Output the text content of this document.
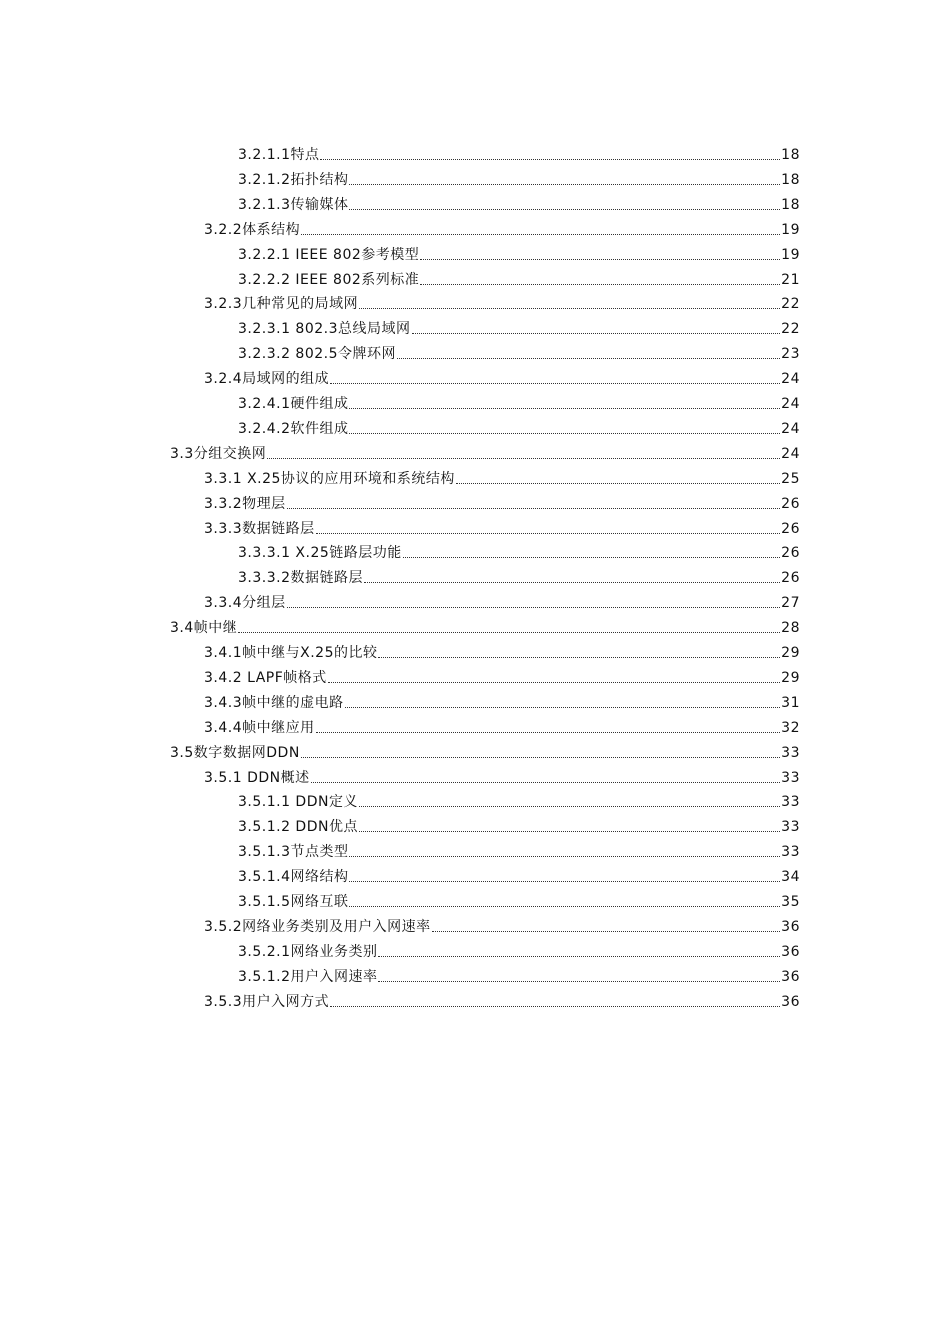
3.2.1.1特点	18
3.2.1.2拓扑结构	18
3.2.1.3传输媒体	18
3.2.2体系结构	19
3.2.2.1 IEEE 802参考模型	19
3.2.2.2 IEEE 802系列标准	21
3.2.3几种常见的局域网	22
3.2.3.1 802.3总线局域网	22
3.2.3.2 802.5令牌环网	23
3.2.4局域网的组成	24
3.2.4.1硬件组成	24
3.2.4.2软件组成	24
3.3分组交换网	24
3.3.1 X.25协议的应用环境和系统结构	25
3.3.2物理层	26
3.3.3数据链路层	26
3.3.3.1 X.25链路层功能	26
3.3.3.2数据链路层	26
3.3.4分组层	27
3.4帧中继	28
3.4.1帧中继与X.25的比较	29
3.4.2 LAPF帧格式	29
3.4.3帧中继的虚电路	31
3.4.4帧中继应用	32
3.5数字数据网DDN	33
3.5.1 DDN概述	33
3.5.1.1 DDN定义	33
3.5.1.2 DDN优点	33
3.5.1.3节点类型	33
3.5.1.4网络结构	34
3.5.1.5网络互联	35
3.5.2网络业务类别及用户入网速率	36
3.5.2.1网络业务类别	36
3.5.1.2用户入网速率	36
3.5.3用户入网方式	36
